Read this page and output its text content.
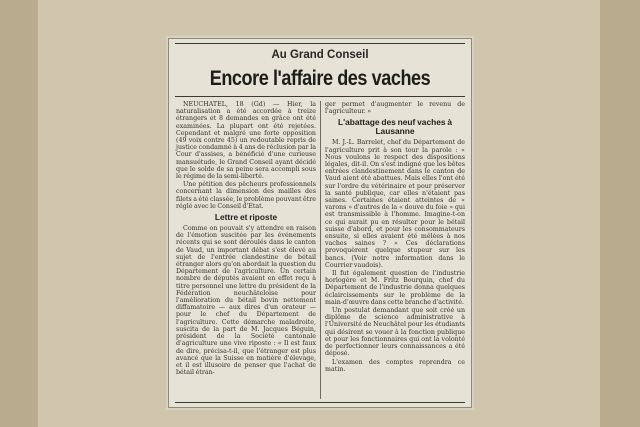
Au Grand Conseil
Encore l'affaire des vaches

NEUCHATEL, 18 (Gd) — Hier, la naturalisation a été accordée à treize étrangers et 8 demandes en grâce ont été examinées. La plupart ont été rejetées. Cependant et malgré une forte opposition (49 voix contre 45) un redoutable repris de justice condamné à 4 ans de réclusion par la Cour d'assises, a bénéficié d'une curieuse mansuétude, le Grand Conseil ayant décidé que le solde de sa peine sera accompli sous le régime de la semi-liberté.

Une pétition des pêcheurs professionnels concernant la dimension des mailles des filets a été classée, le problème pouvant être réglé avec le Conseil d'Etat.

Lettre et riposte

Comme on pouvait s'y attendre en raison de l'émotion suscitée par les événements récents qui se sont déroulés dans le canton de Vaud, un important débat s'est élevé au sujet de l'entrée clandestine de bétail étranger alors qu'on abordait la question du Département de l'agriculture. Un certain nombre de députés avaient en effet reçu à titre personnel une lettre du président de la Fédération neuchâteloise pour l'amélioration du bétail bovin nettement diffamatoire — aux dires d'un orateur — pour le chef du Département de l'agriculture. Cette démarche maladroite, suscita de la part de M. Jacques Béguin, président de la Société cantonale d'agriculture une vive riposte : « Il est faux de dire, précisa-t-il, que l'étranger est plus avancé que la Suisse en matière d'élevage, et il est illusoire de penser que l'achat de bétail étran-

ger permet d'augmenter le revenu de l'agriculteur. »

L'abattage des neuf vaches à Lausanne

M. J.-L. Barrelet, chef du Département de l'agriculture prit à son tour la parole : « Nous voulons le respect des dispositions légales, dit-il. On s'est indigné que les bêtes entrées clandestinement dans le canton de Vaud aient été abattues. Mais elles l'ont été sur l'ordre du vétérinaire et pour préserver la santé publique, car elles n'étaient pas saines. Certaines étaient atteintes de « varons » d'autres de la « douve du foie » qui est transmissible à l'homme. Imagine-t-on ce qui aurait pu en résulter pour le bétail suisse d'abord, et pour les consommateurs ensuite, si elles avaient été mêlées à nos vaches saines ? » Ces déclarations provoquèrent quelque stupeur sur les bancs. (Voir notre information dans le Courrier vaudois).

Il fut également question de l'industrie horlogère et M. Fritz Bourquin, chef du Département de l'industrie donna quelques éclaircissements sur le problème de la main-d'œuvre dans cette branche d'activité.

Un postulat demandant que soit créé un diplôme de science administrative à l'Université de Neuchâtel pour les étudiants qui désirent se vouer à la fonction publique et pour les fonctionnaires qui ont la volonté de perfectionner leurs connaissances a été déposé.

L'examen des comptes reprendra ce matin.
